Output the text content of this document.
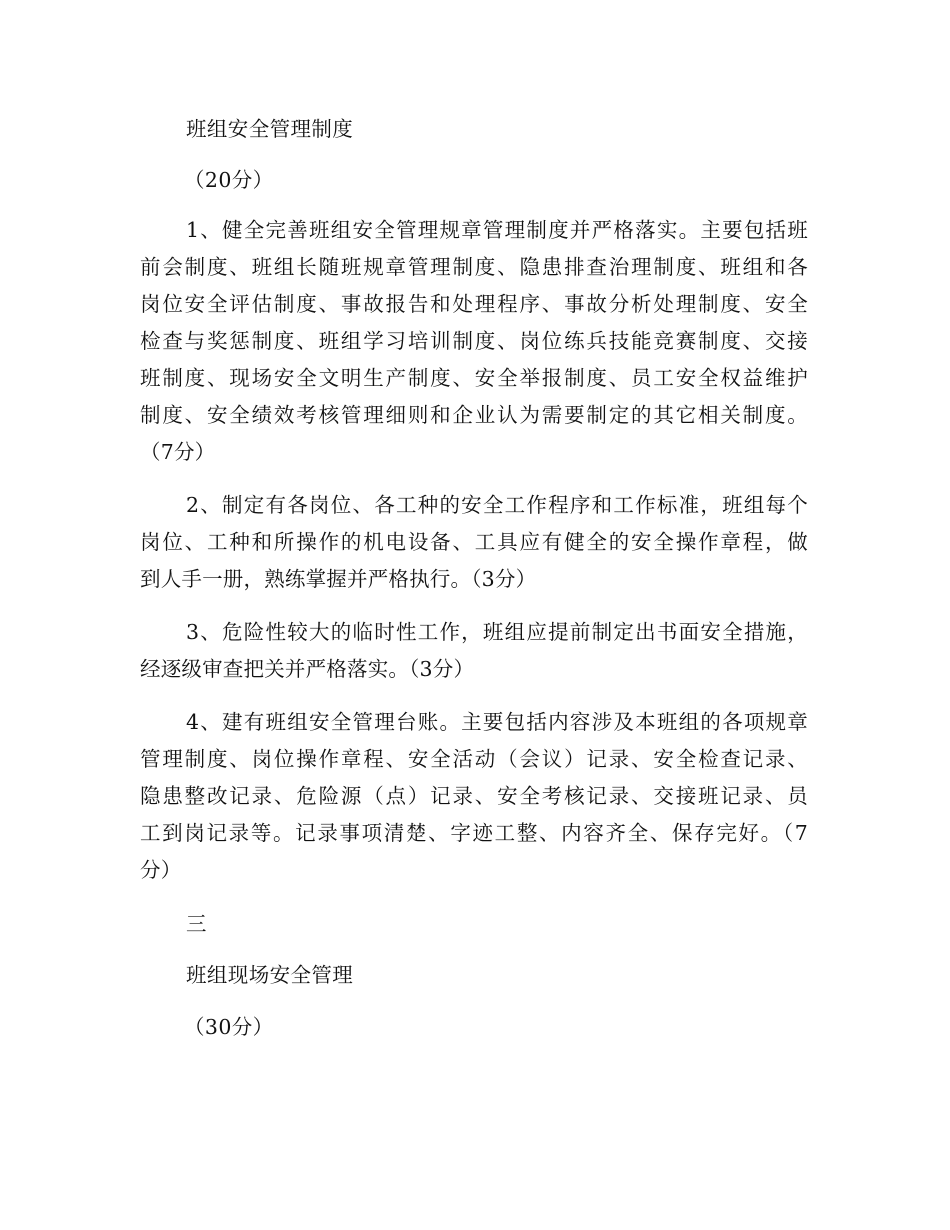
班组安全管理制度
（20分）
1、健全完善班组安全管理规章管理制度并严格落实。主要包括班
前会制度、班组长随班规章管理制度、隐患排查治理制度、班组和各
岗位安全评估制度、事故报告和处理程序、事故分析处理制度、安全
检查与奖惩制度、班组学习培训制度、岗位练兵技能竞赛制度、交接
班制度、现场安全文明生产制度、安全举报制度、员工安全权益维护
制度、安全绩效考核管理细则和企业认为需要制定的其它相关制度。
（7分）
2、制定有各岗位、各工种的安全工作程序和工作标准，班组每个
岗位、工种和所操作的机电设备、工具应有健全的安全操作章程，做
到人手一册，熟练掌握并严格执行。（3分）
3、危险性较大的临时性工作，班组应提前制定出书面安全措施，
经逐级审查把关并严格落实。（3分）
4、建有班组安全管理台账。主要包括内容涉及本班组的各项规章
管理制度、岗位操作章程、安全活动（会议）记录、安全检查记录、
隐患整改记录、危险源（点）记录、安全考核记录、交接班记录、员
工到岗记录等。记录事项清楚、字迹工整、内容齐全、保存完好。（7
分）
三
班组现场安全管理
（30分）
